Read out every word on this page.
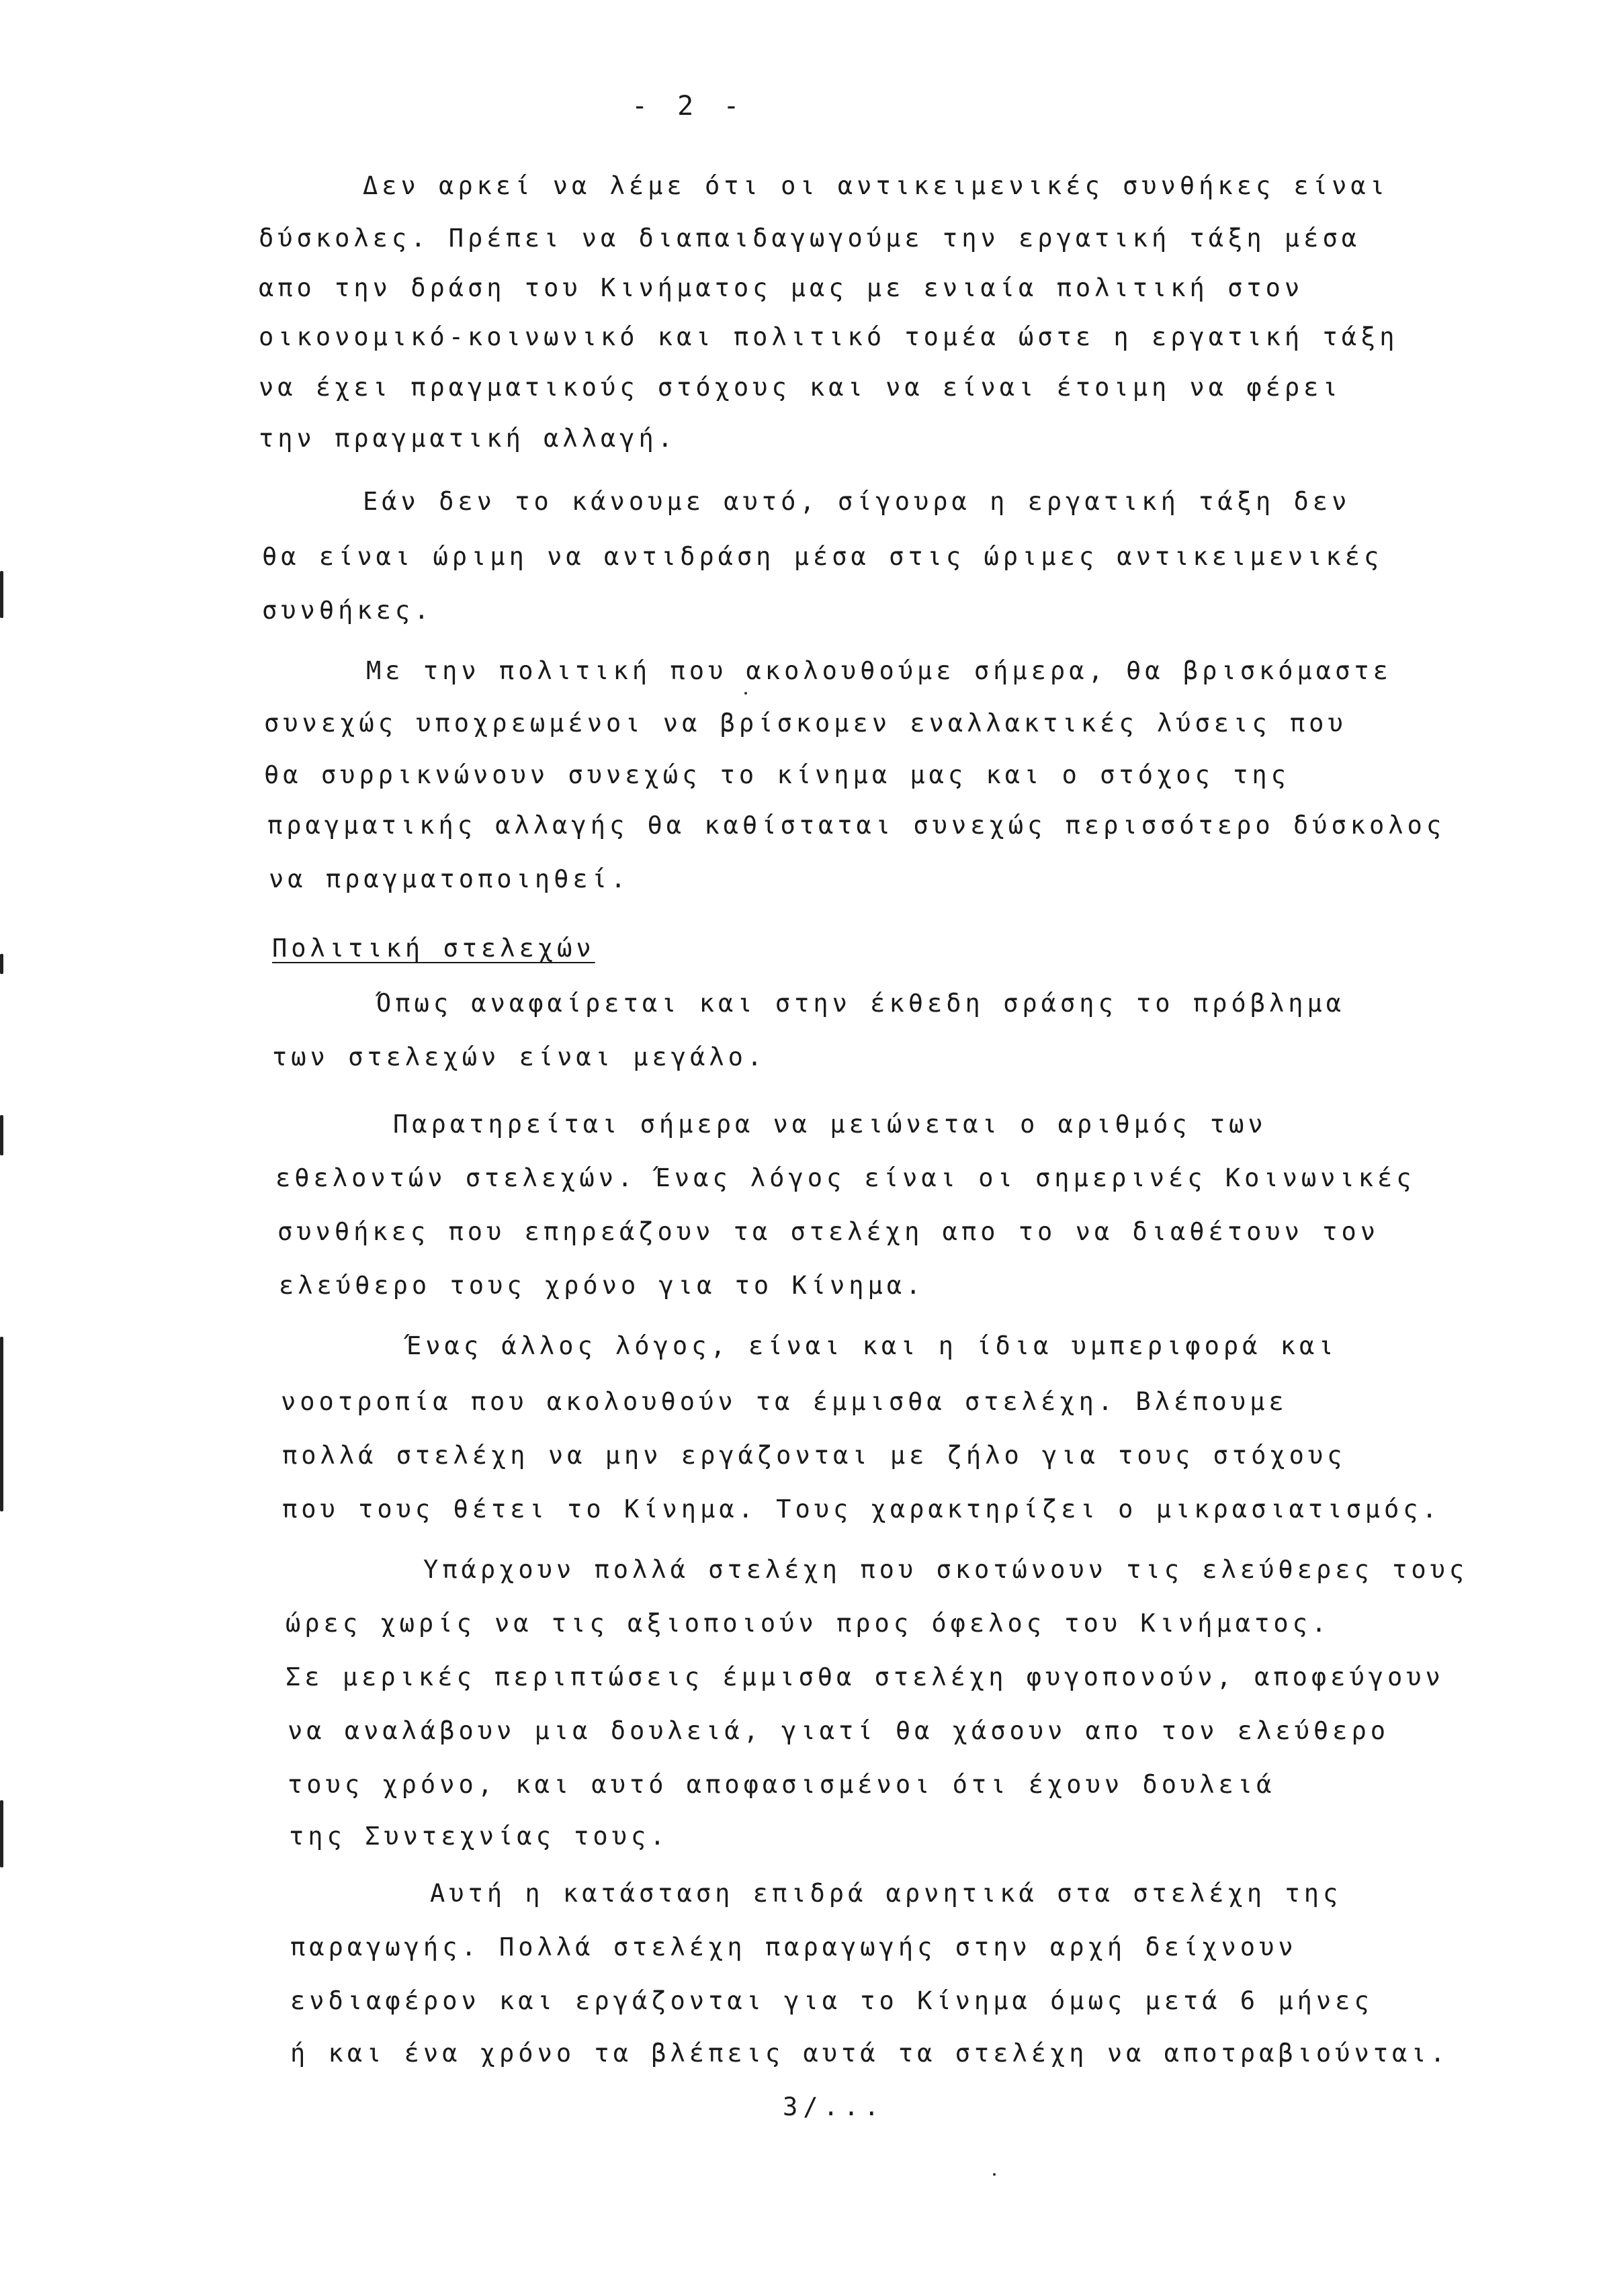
- 2 -
Δεν αρκεί να λέμε ότι οι αντικειμενικές συνθήκες είναι
δύσκολες. Πρέπει να διαπαιδαγωγούμε την εργατική τάξη μέσα
απο την δράση του Κινήματος μας με ενιαία πολιτική στον
οικονομικό-κοινωνικό και πολιτικό τομέα ώστε η εργατική τάξη
να έχει πραγματικούς στόχους και να είναι έτοιμη να φέρει
την πραγματική αλλαγή.
Εάν δεν το κάνουμε αυτό, σίγουρα η εργατική τάξη δεν
θα είναι ώριμη να αντιδράση μέσα στις ώριμες αντικειμενικές
συνθήκες.
Με την πολιτική που ακολουθούμε σήμερα, θα βρισκόμαστε
συνεχώς υποχρεωμένοι να βρίσκομεν εναλλακτικές λύσεις που
θα συρρικνώνουν συνεχώς το κίνημα μας και ο στόχος της
πραγματικής αλλαγής θα καθίσταται συνεχώς περισσότερο δύσκολος
να πραγματοποιηθεί.
Πολιτική στελεχών
Όπως αναφαίρεται και στην έκθεδη σράσης το πρόβλημα
των στελεχών είναι μεγάλο.
Παρατηρείται σήμερα να μειώνεται ο αριθμός των
εθελοντών στελεχών. Ένας λόγος είναι οι σημερινές Κοινωνικές
συνθήκες που επηρεάζουν τα στελέχη απο το να διαθέτουν τον
ελεύθερο τους χρόνο για το Κίνημα.
Ένας άλλος λόγος, είναι και η ίδια υμπεριφορά και
νοοτροπία που ακολουθούν τα έμμισθα στελέχη. Βλέπουμε
πολλά στελέχη να μην εργάζονται με ζήλο για τους στόχους
που τους θέτει το Κίνημα. Τους χαρακτηρίζει ο μικρασιατισμός.
Υπάρχουν πολλά στελέχη που σκοτώνουν τις ελεύθερες τους
ώρες χωρίς να τις αξιοποιούν προς όφελος του Κινήματος.
Σε μερικές περιπτώσεις έμμισθα στελέχη φυγοπονούν, αποφεύγουν
να αναλάβουν μια δουλειά, γιατί θα χάσουν απο τον ελεύθερο
τους χρόνο, και αυτό αποφασισμένοι ότι έχουν δουλειά
της Συντεχνίας τους.
Αυτή η κατάσταση επιδρά αρνητικά στα στελέχη της
παραγωγής. Πολλά στελέχη παραγωγής στην αρχή δείχνουν
ενδιαφέρον και εργάζονται για το Κίνημα όμως μετά 6 μήνες
ή και ένα χρόνο τα βλέπεις αυτά τα στελέχη να αποτραβιούνται.
3/...
